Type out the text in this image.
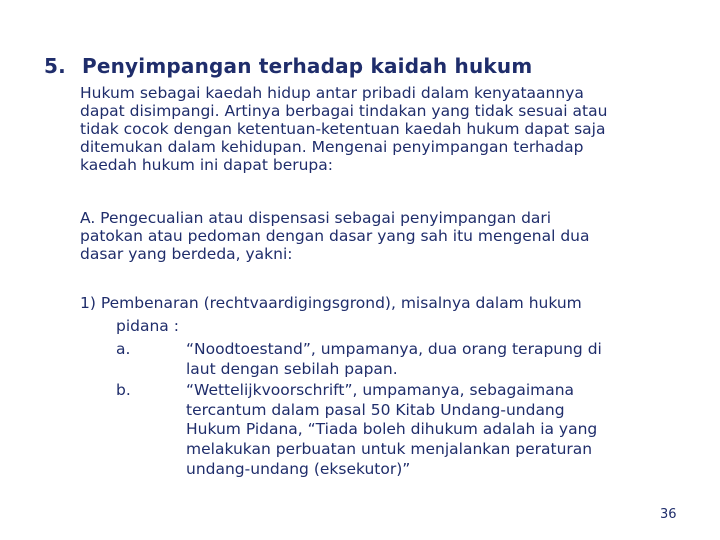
5. Penyimpangan terhadap kaidah hukum
Hukum sebagai kaedah hidup antar pribadi dalam kenyataannya
dapat disimpangi. Artinya berbagai tindakan yang tidak sesuai atau
tidak cocok dengan ketentuan-ketentuan kaedah hukum dapat saja
ditemukan dalam kehidupan. Mengenai penyimpangan terhadap
kaedah hukum ini dapat berupa:
A. Pengecualian atau dispensasi sebagai penyimpangan dari
patokan atau pedoman dengan dasar yang sah itu mengenal dua
dasar yang berdeda, yakni:
1) Pembenaran (rechtvaardigingsgrond), misalnya dalam hukum
pidana :
a.	“Noodtoestand”, umpamanya, dua orang terapung di
laut dengan sebilah papan.
b.	“Wettelijkvoorschrift”, umpamanya, sebagaimana
tercantum dalam pasal 50 Kitab Undang-undang
Hukum Pidana, “Tiada boleh dihukum adalah ia yang
melakukan perbuatan untuk menjalankan peraturan
undang-undang (eksekutor)”
36
